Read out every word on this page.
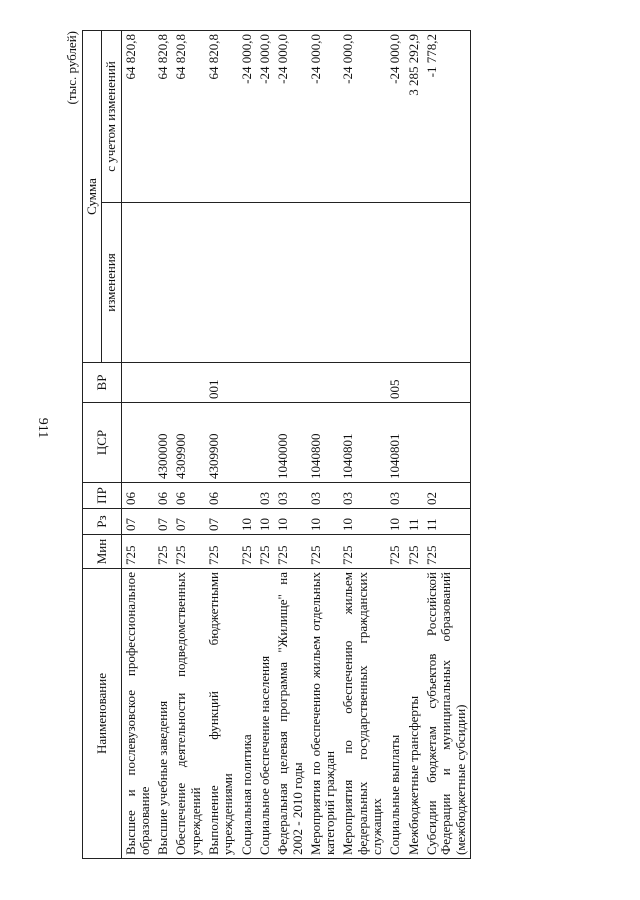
911
(тыс. рублей)
Наименование	Мин	Рз	ПР	ЦСР	ВР	Сумма	
						изменения	с учетом изменений
Высшее и послевузовское профессиональное образование	725	07	06				64 820,8
Высшие учебные заведения	725	07	06	4300000			64 820,8
Обеспечение деятельности подведомственных учреждений	725	07	06	4309900			64 820,8
Выполнение функций бюджетными учреждениями	725	07	06	4309900	001		64 820,8
Социальная политика	725	10					-24 000,0
Социальное обеспечение населения	725	10	03				-24 000,0
Федеральная целевая программа "Жилище" на 2002 - 2010 годы	725	10	03	1040000			-24 000,0
Мероприятия по обеспечению жильем отдельных категорий граждан	725	10	03	1040800			-24 000,0
Мероприятия по обеспечению жильем федеральных государственных гражданских служащих	725	10	03	1040801			-24 000,0
Социальные выплаты	725	10	03	1040801	005		-24 000,0
Межбюджетные трансферты	725	11					3 285 292,9
Субсидии бюджетам субъектов Российской Федерации и муниципальных образований (межбюджетные субсидии)	725	11	02				-1 778,2
